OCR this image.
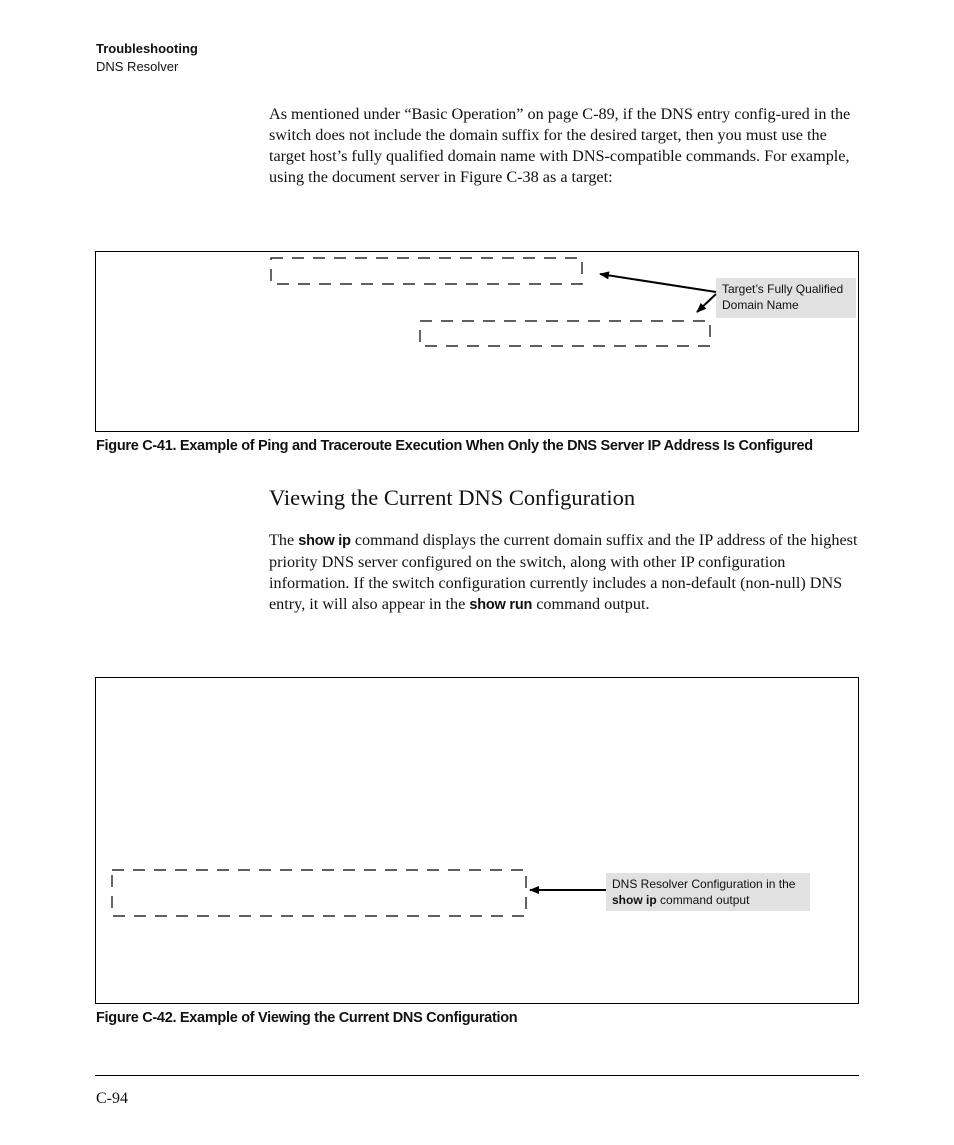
Troubleshooting
DNS Resolver
As mentioned under “Basic Operation” on page C-89, if the DNS entry config-ured in the switch does not include the domain suffix for the desired target, then you must use the target host’s fully qualified domain name with DNS-compatible commands. For example, using the document server in Figure C-38 as a target:
Target’s Fully Qualified Domain Name
Figure C-41. Example of Ping and Traceroute Execution When Only the DNS Server IP Address Is Configured
Viewing the Current DNS Configuration
The show ip command displays the current domain suffix and the IP address of the highest priority DNS server configured on the switch, along with other IP configuration information. If the switch configuration currently includes a non-default (non-null) DNS entry, it will also appear in the show run command output.
DNS Resolver Configuration in the
show ip command output
Figure C-42. Example of Viewing the Current DNS Configuration
C-94
